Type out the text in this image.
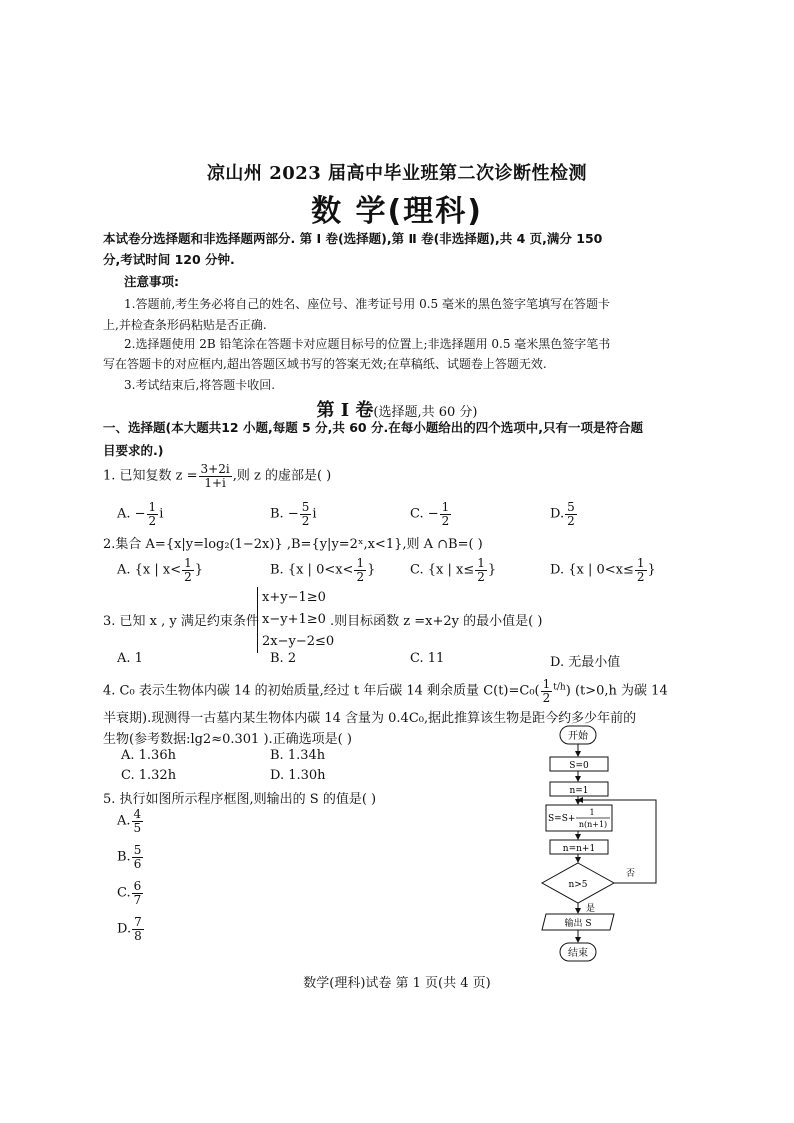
凉山州 2023 届高中毕业班第二次诊断性检测
数 学(理科)
本试卷分选择题和非选择题两部分. 第 Ⅰ 卷(选择题),第 Ⅱ 卷(非选择题),共 4 页,满分 150
分,考试时间 120 分钟.
注意事项:
1.答题前,考生务必将自己的姓名、座位号、准考证号用 0.5 毫米的黑色签字笔填写在答题卡
上,并检查条形码粘贴是否正确.
2.选择题使用 2B 铅笔涂在答题卡对应题目标号的位置上;非选择题用 0.5 毫米黑色签字笔书
写在答题卡的对应框内,超出答题区域书写的答案无效;在草稿纸、试题卷上答题无效.
3.考试结束后,将答题卡收回.
第 Ⅰ 卷(选择题,共 60 分)
一、选择题(本大题共12 小题,每题 5 分,共 60 分.在每小题给出的四个选项中,只有一项是符合题
目要求的.)
1. 已知复数 $z = \frac{3+2i}{1+i}$ ,则 z 的虚部是( )
A. − $\frac{1}{2}$ i	B. − $\frac{5}{2}$ i	C. − $\frac{1}{2}$	D. $\frac{5}{2}$
2.集合 A={x|y=log₂(1−2x)} ,B={y|y=2ˣ,x<1},则 A ∩B=( )
A. {x | $x< \frac{1}{2}$ }	B. {x | $0<x< \frac{1}{2}$ }	C. {x | $x\le \frac{1}{2}$ }	D. {x | $0<x\le \frac{1}{2}$ }
3. 已知 x , y 满足约束条件
x+y−1≥0
x−y+1≥0
2x−y−2≤0
.则目标函数 z =x+2y 的最小值是( )
A. 1	B. 2	C. 11	D. 无最小值
4. C₀ 表示生物体内碳 14 的初始质量,经过 t 年后碳 14 剩余质量 $C(t)=C_0( \frac{1}{2} ^{t/h})$ (t>0,h 为碳 14
半衰期).现测得一古墓内某生物体内碳 14 含量为 0.4C₀,据此推算该生物是距今约多少年前的
生物(参考数据:lg2≈0.301 ).正确选项是( )
A. 1.36h	B. 1.34h
C. 1.32h	D. 1.30h
5. 执行如图所示程序框图,则输出的 S 的值是( )
A. $\frac{4}{5}$
B. $\frac{5}{6}$
C. $\frac{6}{7}$
D. $\frac{7}{8}$
开始
S=0
n=1
S=S+
1
n(n+1)
n=n+1
n>5
否
是
输出 S
结束
数学(理科)试卷 第 1 页(共 4 页)
